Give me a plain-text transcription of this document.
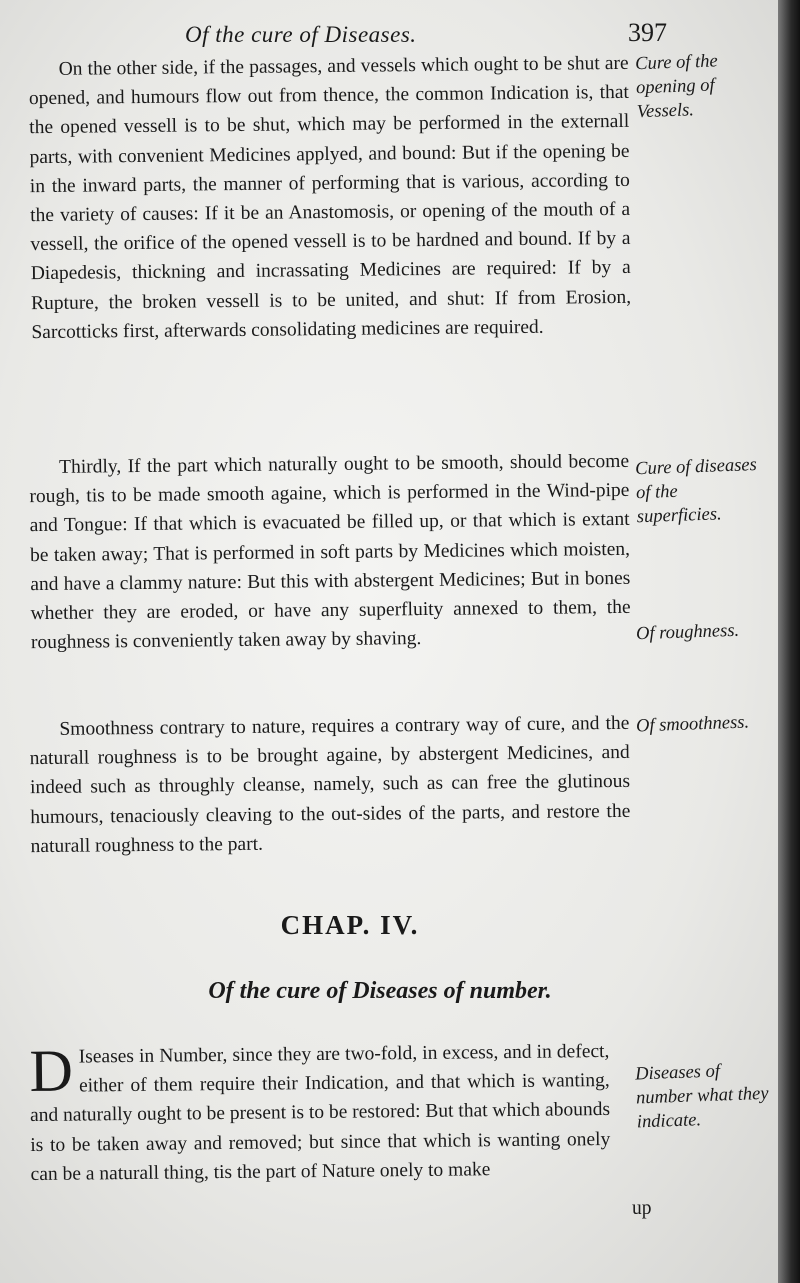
Of the cure of Diseases.	397

On the other side, if the passages, and vessels which ought to be shut are opened, and humours flow out from thence, the common Indication is, that the opened vessell is to be shut, which may be performed in the externall parts, with convenient Medicines applyed, and bound: But if the opening be in the inward parts, the manner of performing that is various, according to the variety of causes: If it be an Anastomosis, or opening of the mouth of a vessell, the orifice of the opened vessell is to be hardned and bound. If by a Diapedesis, thickning and incrassating Medicines are required: If by a Rupture, the broken vessell is to be united, and shut: If from Erosion, Sarcotticks first, afterwards consolidating medicines are required.

Thirdly, If the part which naturally ought to be smooth, should become rough, tis to be made smooth againe, which is performed in the Wind-pipe and Tongue: If that which is evacuated be filled up, or that which is extant be taken away; That is performed in soft parts by Medicines which moisten, and have a clammy nature: But this with abstergent Medicines; But in bones whether they are eroded, or have any superfluity annexed to them, the roughness is conveniently taken away by shaving.

Smoothness contrary to nature, requires a contrary way of cure, and the naturall roughness is to be brought againe, by abstergent Medicines, and indeed such as throughly cleanse, namely, such as can free the glutinous humours, tenaciously cleaving to the out-sides of the parts, and restore the naturall roughness to the part.

Cure of the opening of Vessels.

Cure of diseases of the superficies.

Of roughness.

Of smoothness.

Diseases of number what they indicate.

CHAP. IV.
Of the cure of Diseases of number.

D Iseases in Number, since they are two-fold, in excess, and in defect, either of them require their Indication, and that which is wanting, and naturally ought to be present is to be restored: But that which abounds is to be taken away and removed; but since that which is wanting onely can be a naturall thing, tis the part of Nature onely to make

up
